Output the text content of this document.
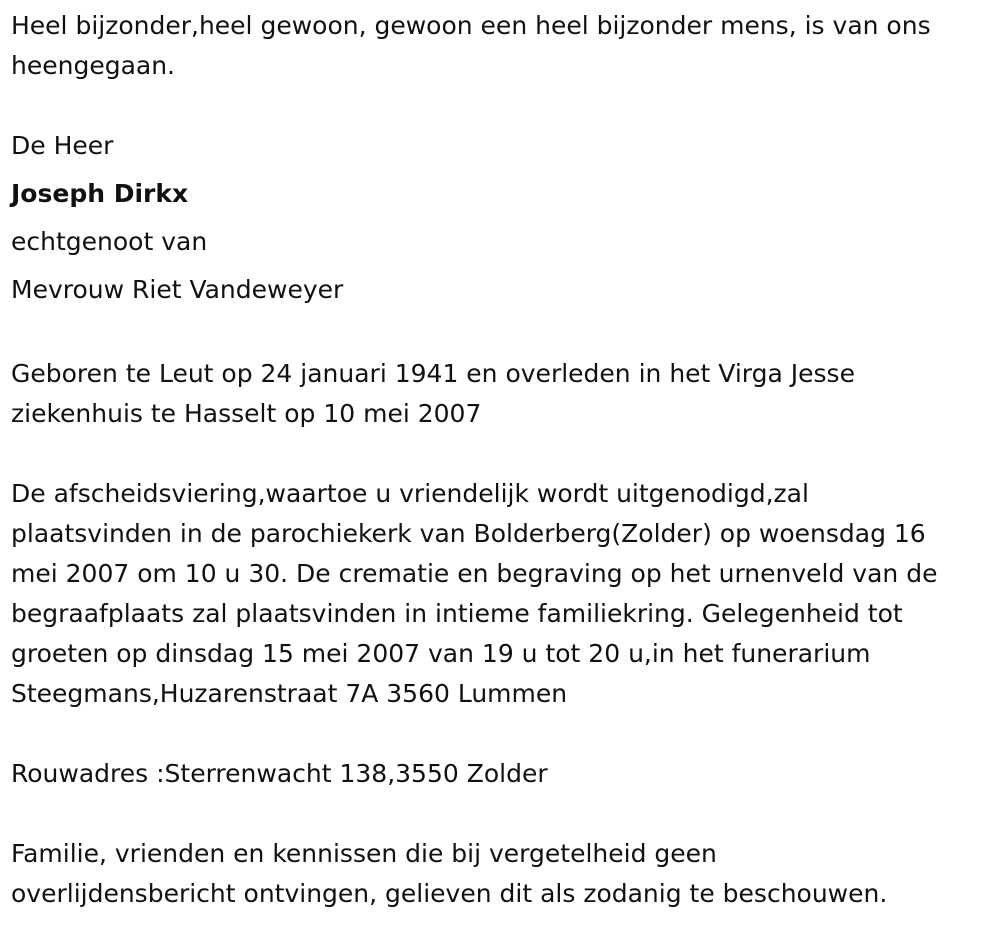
Heel bijzonder,heel gewoon, gewoon een heel bijzonder mens, is van ons
heengegaan.

De Heer
Joseph Dirkx
echtgenoot van
Mevrouw Riet Vandeweyer

Geboren te Leut op 24 januari 1941 en overleden in het Virga Jesse
ziekenhuis te Hasselt op 10 mei 2007

De afscheidsviering,waartoe u vriendelijk wordt uitgenodigd,zal
plaatsvinden in de parochiekerk van Bolderberg(Zolder) op woensdag 16
mei 2007 om 10 u 30. De crematie en begraving op het urnenveld van de
begraafplaats zal plaatsvinden in intieme familiekring. Gelegenheid tot
groeten op dinsdag 15 mei 2007 van 19 u tot 20 u,in het funerarium
Steegmans,Huzarenstraat 7A 3560 Lummen

Rouwadres :Sterrenwacht 138,3550 Zolder

Familie, vrienden en kennissen die bij vergetelheid geen
overlijdensbericht ontvingen, gelieven dit als zodanig te beschouwen.
